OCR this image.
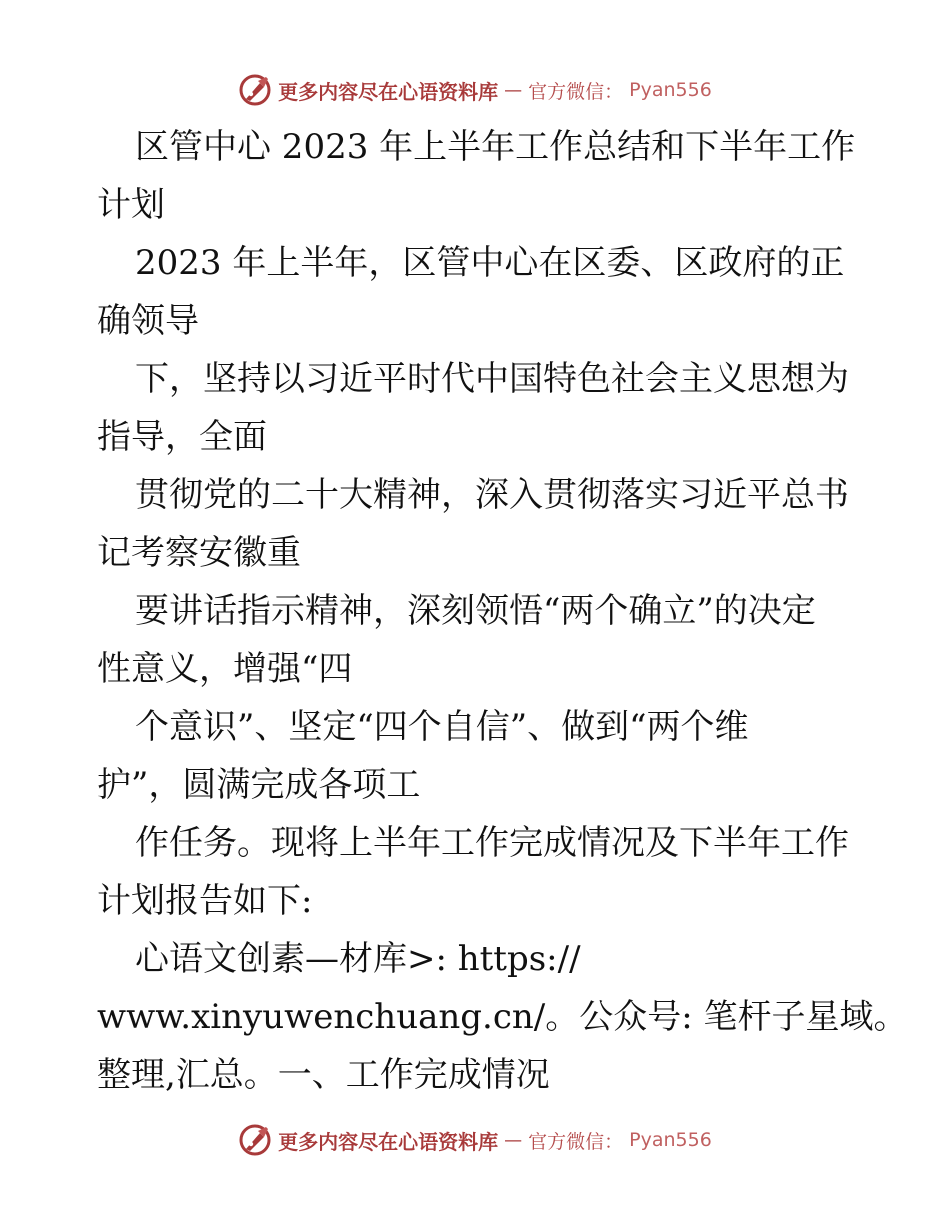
更多内容尽在心语资料库 — 官方微信： Pyan556
区管中心 2023 年上半年工作总结和下半年工作
计划
2023 年上半年，区管中心在区委、区政府的正
确领导
下，坚持以习近平时代中国特色社会主义思想为
指导，全面
贯彻党的二十大精神，深入贯彻落实习近平总书
记考察安徽重
要讲话指示精神，深刻领悟“两个确立”的决定
性意义，增强“四
个意识”、坚定“四个自信”、做到“两个维
护”，圆满完成各项工
作任务。现将上半年工作完成情况及下半年工作
计划报告如下:
心语文创素—材库>: https://
www.xinyuwenchuang.cn/。公众号: 笔杆子星域。
整理,汇总。一、工作完成情况
更多内容尽在心语资料库 — 官方微信： Pyan556
